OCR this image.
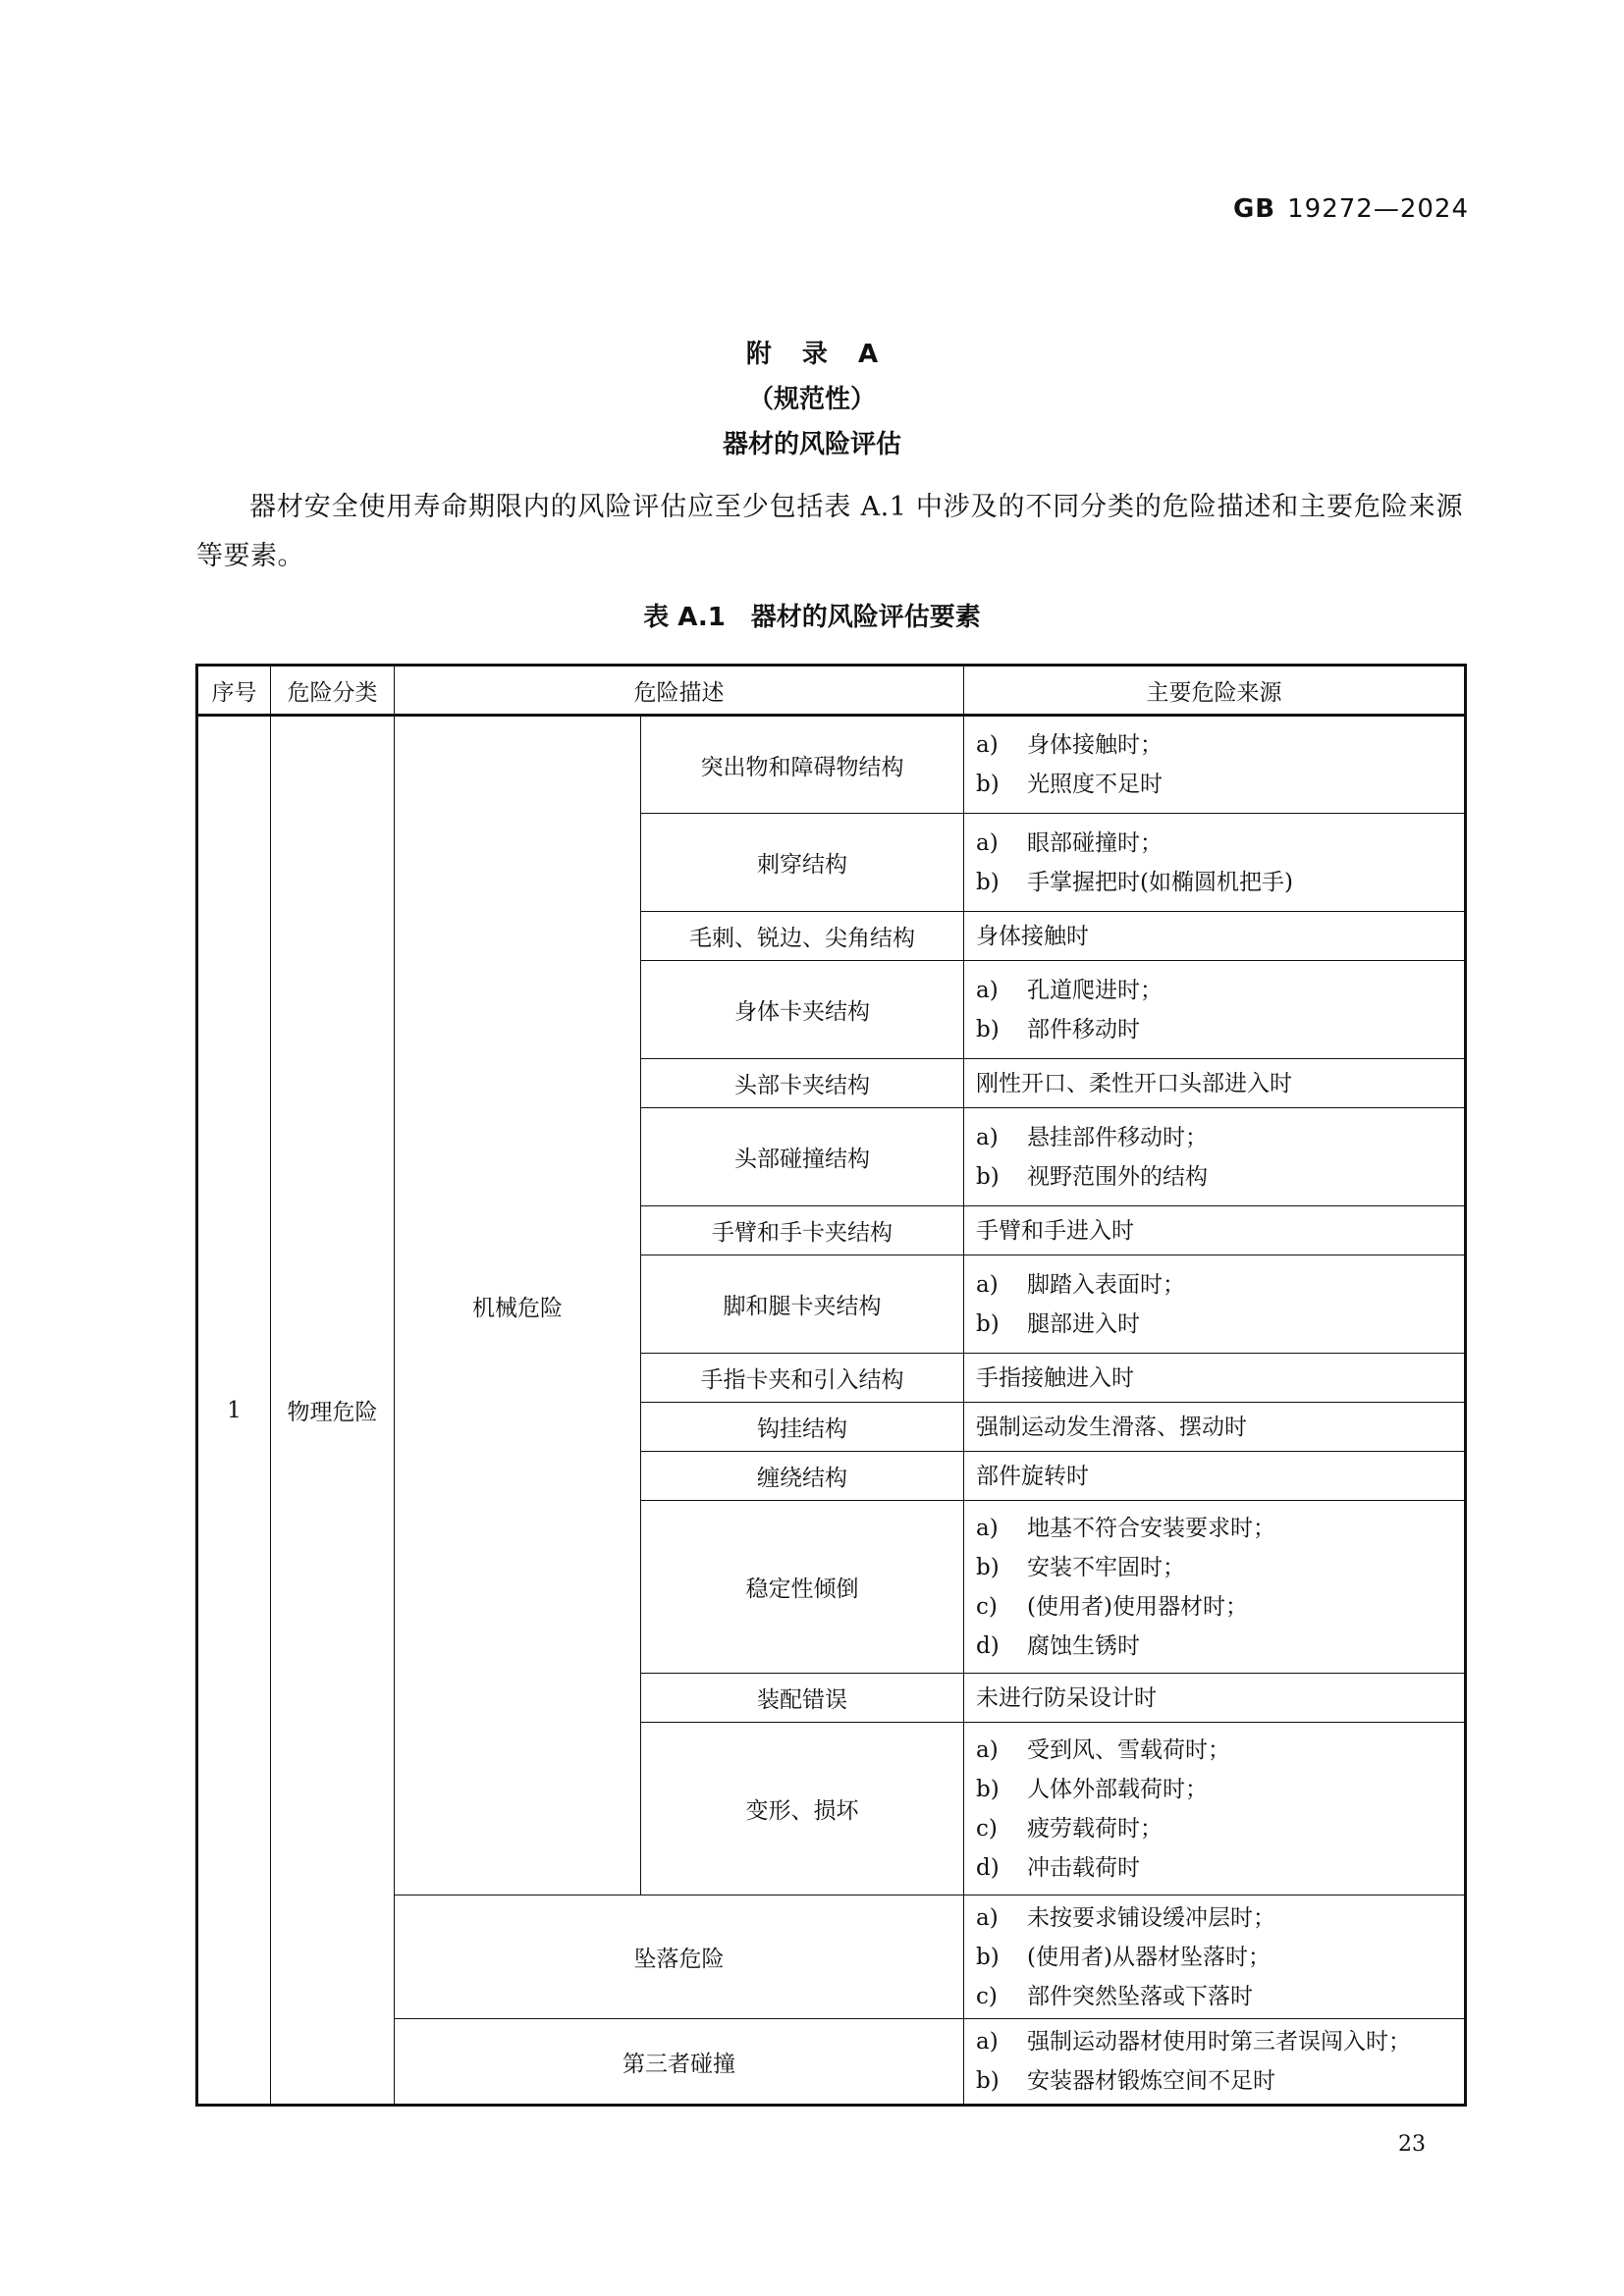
GB 19272—2024
附 录 A
（规范性）
器材的风险评估
器材安全使用寿命期限内的风险评估应至少包括表 A.1 中涉及的不同分类的危险描述和主要危险来源等要素。
表 A.1　器材的风险评估要素
序号	危险分类	危险描述		主要危险来源
1	物理危险	机械危险	突出物和障碍物结构	a) 身体接触时；
b) 光照度不足时

			刺穿结构	a) 眼部碰撞时；
b) 手掌握把时(如椭圆机把手)

			毛刺、锐边、尖角结构	身体接触时
			身体卡夹结构	a) 孔道爬进时；
b) 部件移动时

			头部卡夹结构	刚性开口、柔性开口头部进入时
			头部碰撞结构	a) 悬挂部件移动时；
b) 视野范围外的结构

			手臂和手卡夹结构	手臂和手进入时
			脚和腿卡夹结构	a) 脚踏入表面时；
b) 腿部进入时

			手指卡夹和引入结构	手指接触进入时
			钩挂结构	强制运动发生滑落、摆动时
			缠绕结构	部件旋转时
			稳定性倾倒	a) 地基不符合安装要求时；
b) 安装不牢固时；
c) (使用者)使用器材时；
d) 腐蚀生锈时

			装配错误	未进行防呆设计时
			变形、损坏	a) 受到风、雪载荷时；
b) 人体外部载荷时；
c) 疲劳载荷时；
d) 冲击载荷时

		坠落危险		a) 未按要求铺设缓冲层时；
b) (使用者)从器材坠落时；
c) 部件突然坠落或下落时

		第三者碰撞		a) 强制运动器材使用时第三者误闯入时；
b) 安装器材锻炼空间不足时
23
